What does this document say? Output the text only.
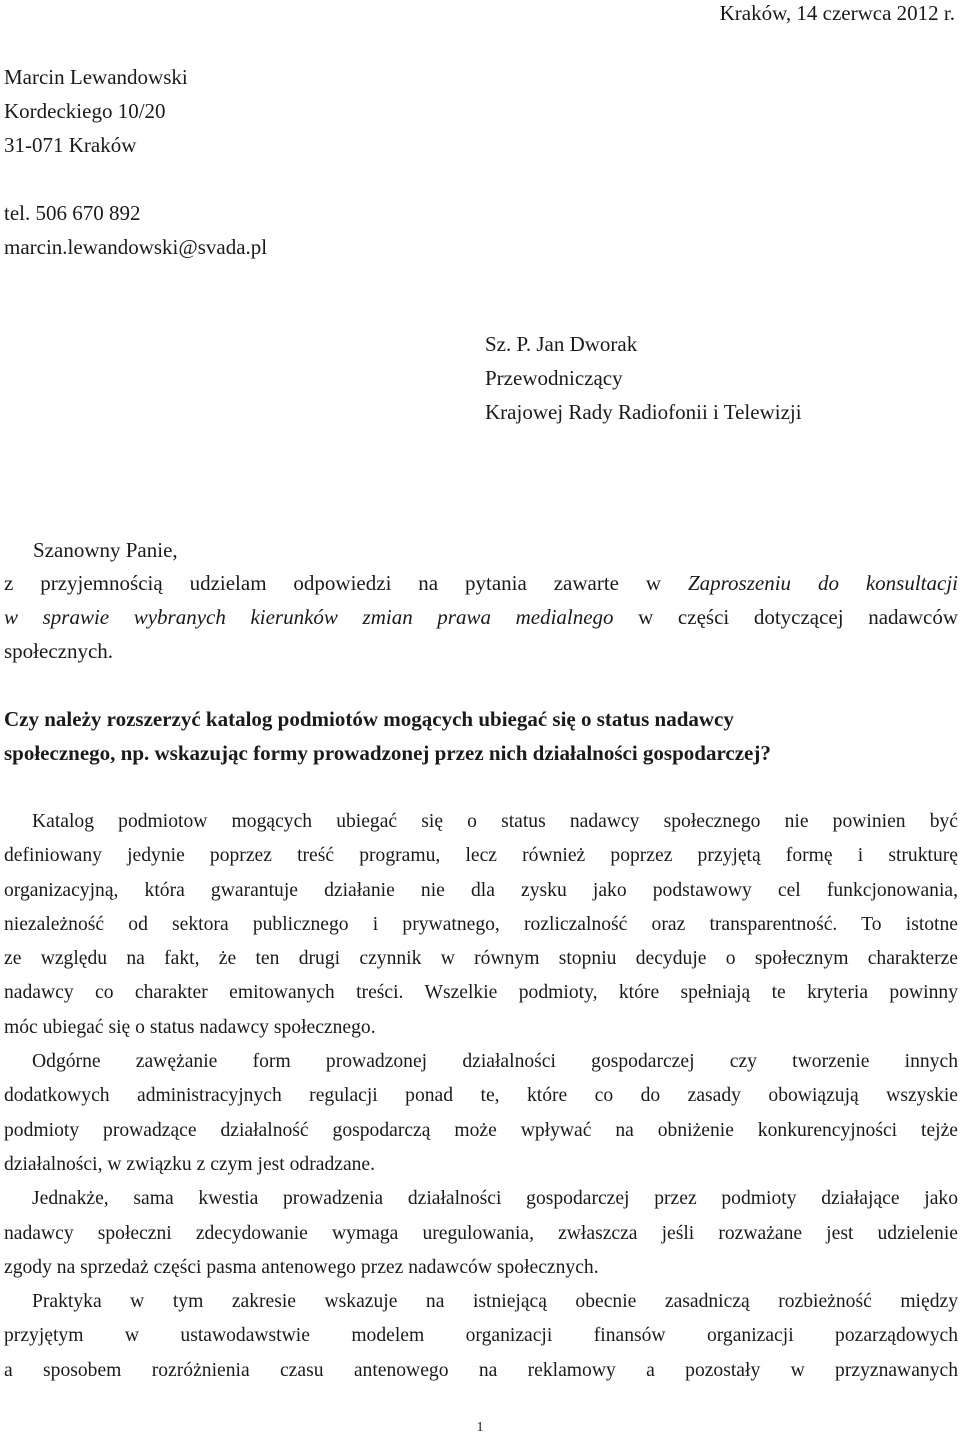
Kraków, 14 czerwca 2012 r.
Marcin Lewandowski
Kordeckiego 10/20
31-071 Kraków
tel. 506 670 892
marcin.lewandowski@svada.pl
Sz. P. Jan Dworak
Przewodniczący
Krajowej Rady Radiofonii i Telewizji
Szanowny Panie,
z przyjemnością udzielam odpowiedzi na pytania zawarte w Zaproszeniu do konsultacji
w sprawie wybranych kierunków zmian prawa medialnego w części dotyczącej nadawców
społecznych.
Czy należy rozszerzyć katalog podmiotów mogących ubiegać się o status nadawcy
społecznego, np. wskazując formy prowadzonej przez nich działalności gospodarczej?
Katalog podmiotow mogących ubiegać się o status nadawcy społecznego nie powinien być
definiowany jedynie poprzez treść programu, lecz również poprzez przyjętą formę i strukturę
organizacyjną, która gwarantuje działanie nie dla zysku jako podstawowy cel funkcjonowania,
niezależność od sektora publicznego i prywatnego, rozliczalność oraz transparentność. To istotne
ze względu na fakt, że ten drugi czynnik w równym stopniu decyduje o społecznym charakterze
nadawcy co charakter emitowanych treści. Wszelkie podmioty, które spełniają te kryteria powinny
móc ubiegać się o status nadawcy społecznego.
Odgórne zawężanie form prowadzonej działalności gospodarczej czy tworzenie innych
dodatkowych administracyjnych regulacji ponad te, które co do zasady obowiązują wszyskie
podmioty prowadzące działalność gospodarczą może wpływać na obniżenie konkurencyjności tejże
działalności, w związku z czym jest odradzane.
Jednakże, sama kwestia prowadzenia działalności gospodarczej przez podmioty działające jako
nadawcy społeczni zdecydowanie wymaga uregulowania, zwłaszcza jeśli rozważane jest udzielenie
zgody na sprzedaż części pasma antenowego przez nadawców społecznych.
Praktyka w tym zakresie wskazuje na istniejącą obecnie zasadniczą rozbieżność między
przyjętym w ustawodawstwie modelem organizacji finansów organizacji pozarządowych
a sposobem rozróżnienia czasu antenowego na reklamowy a pozostały w przyznawanych
1
